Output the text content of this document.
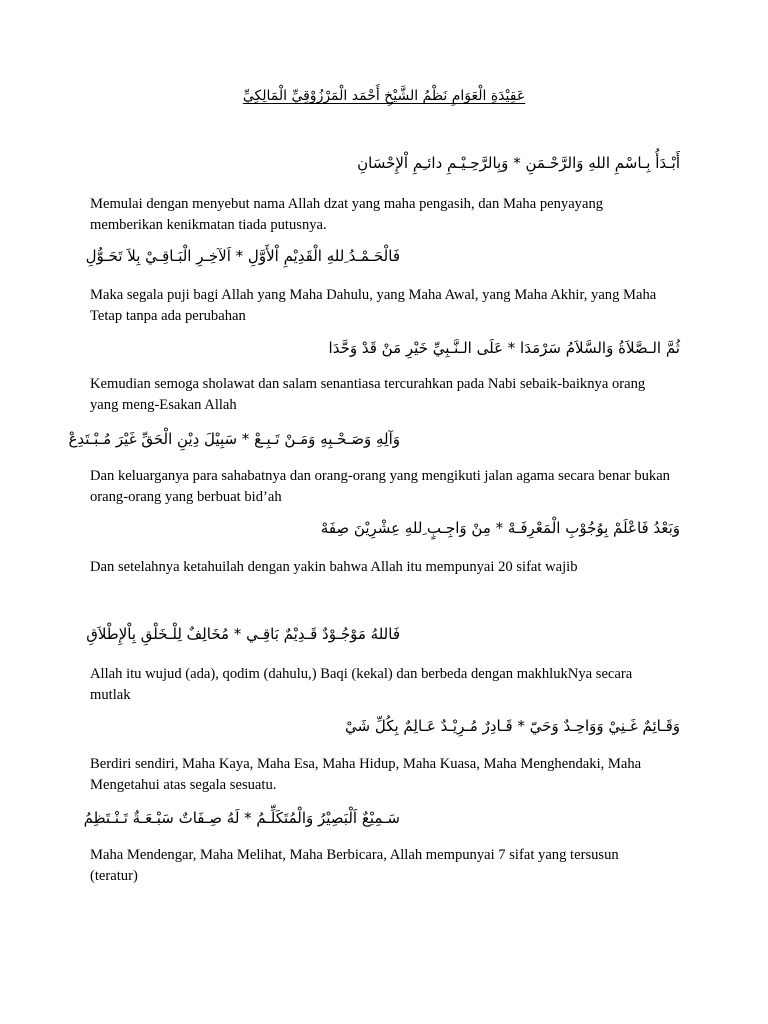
عَقِيْدَةِ الْعَوَامِ نَظْمُ الشَّيْخِ أَحْمَد الْمَرْزُوْقِيِّ الْمَالِكِيِّ
أَبْـدَأُ بِـاسْمِ اللهِ وَالرَّحْـمَنِ * وَبِالرَّحِـيْـمِ دائـِمِ اْلإِحْسَانِ
Memulai dengan menyebut nama Allah dzat yang maha pengasih, dan Maha penyayang memberikan kenikmatan tiada putusnya.
فَالْحَـمْـدُ ِللهِ الْقَدِيْمِ اْلأَوَّلِ * اَلآخِـرِ الْبَـاقِـيْ بِلاَ تَحَـوُّلِ
Maka segala puji bagi Allah yang Maha Dahulu, yang Maha Awal, yang Maha Akhir, yang Maha Tetap tanpa ada perubahan
ثُمَّ الـصَّلاَةُ وَالسَّلاَمُ سَرْمَدَا * عَلَى الـنَّـبِيِّ خَيْرِ مَنْ قَدْ وَحَّدَا
Kemudian semoga sholawat dan salam senantiasa tercurahkan pada Nabi sebaik-baiknya orang yang meng-Esakan Allah
وَآلِهِ وَصَـحْـبِهِ وَمَـنْ تَـبِـعْ * سَبِيْلَ دِيْنِ الْحَقِّ غَيْرَ مُـبْـتَدِعْ
Dan keluarganya para sahabatnya dan orang-orang yang mengikuti jalan agama secara benar bukan orang-orang yang berbuat bid’ah
وَبَعْدُ فَاعْلَمْ بِوُجُوْبِ الْمَعْرِفَـهْ * مِنْ وَاجِـبٍ ِللهِ عِشْرِيْنَ صِفَهْ
Dan setelahnya ketahuilah dengan yakin bahwa Allah itu mempunyai 20 sifat wajib
فَاللهُ مَوْجُـوْدٌ قَـدِيْمٌ بَاقِـي * مُخَالِفٌ لِلْـخَلْقِ بِاْلإِطْلاَقِ
Allah itu wujud (ada), qodim (dahulu,) Baqi (kekal) dan berbeda dengan makhlukNya secara mutlak
وَقَـائِمٌ غَـنِيْ وَوَاحِـدٌ وَحَيّ * قَـادِرٌ مُـرِيْـدٌ عَـالِمٌ بِكُلِّ شَيْ
Berdiri sendiri, Maha Kaya, Maha Esa, Maha Hidup, Maha Kuasa, Maha Menghendaki, Maha Mengetahui atas segala sesuatu.
سَـمِيْعٌ اَلْبَصِيْرُ وَالْمُتَكَلِّـمُ * لَهُ صِـفَاتٌ سَبْـعَـةٌ تَـنْـتَظِمُ
Maha Mendengar, Maha Melihat, Maha Berbicara, Allah mempunyai 7 sifat yang tersusun (teratur)
